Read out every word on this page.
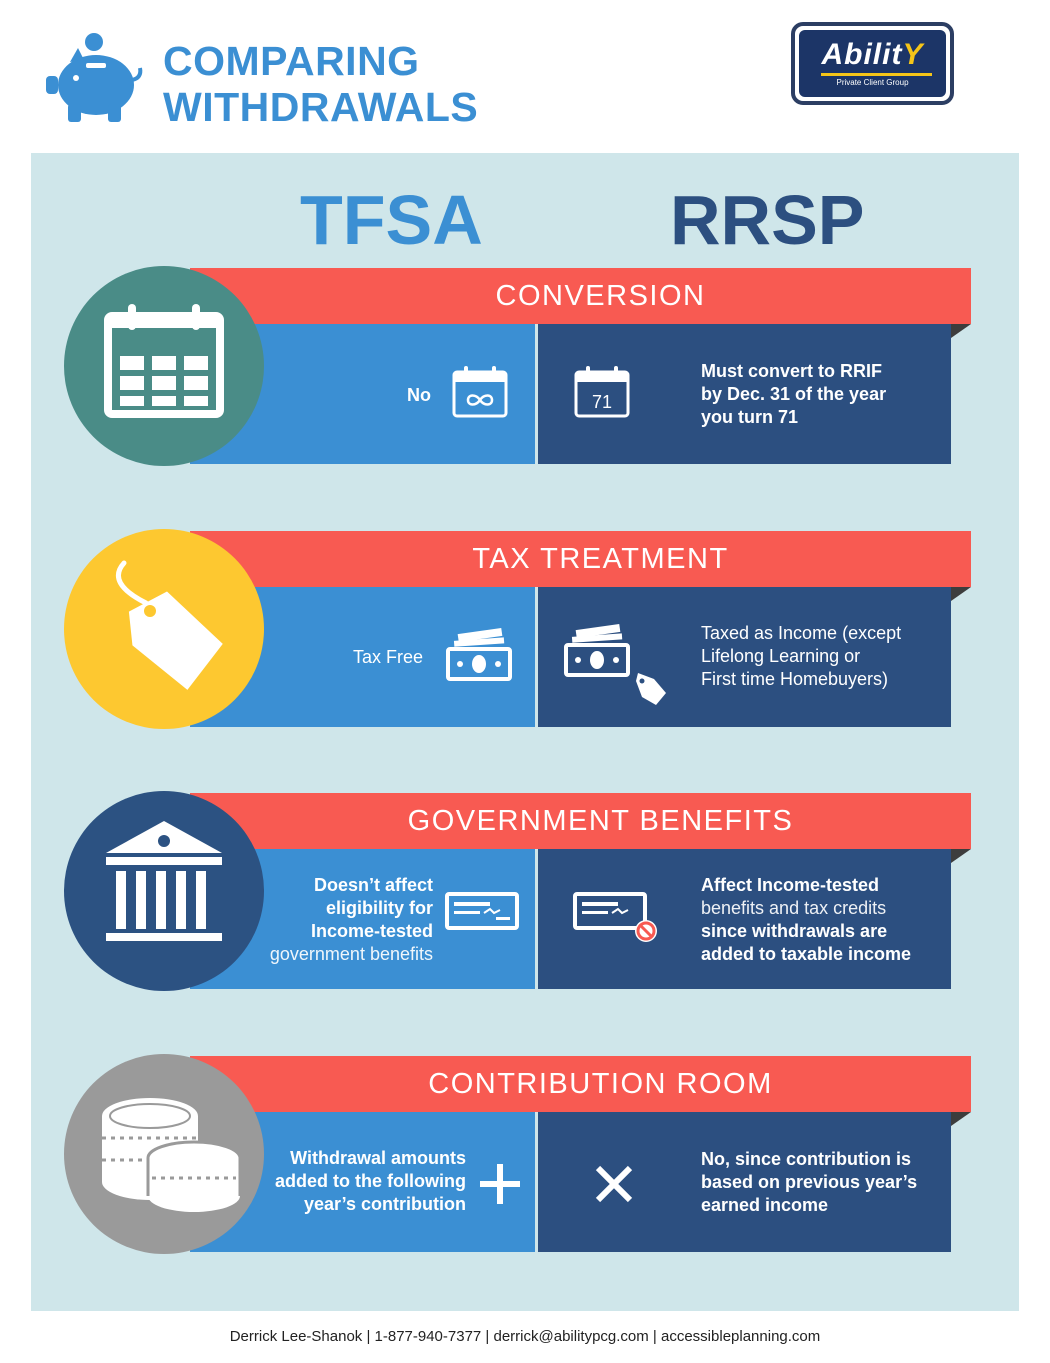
COMPARING
WITHDRAWALS
AbilitY
Private Client Group
TFSA	RRSP
CONVERSION
No	71
Must convert to RRIF
by Dec. 31 of the year
you turn 71
TAX TREATMENT
Tax Free
Taxed as Income (except
Lifelong Learning or
First time Homebuyers)
GOVERNMENT BENEFITS
Doesn’t affect
eligibility for
Income-tested
government benefits
Affect Income-tested
benefits and tax credits
since withdrawals are
added to taxable income
CONTRIBUTION ROOM
Withdrawal amounts
added to the following
year’s contribution
No, since contribution is
based on previous year’s
earned income
Derrick Lee-Shanok | 1-877-940-7377 | derrick@abilitypcg.com | accessibleplanning.com
